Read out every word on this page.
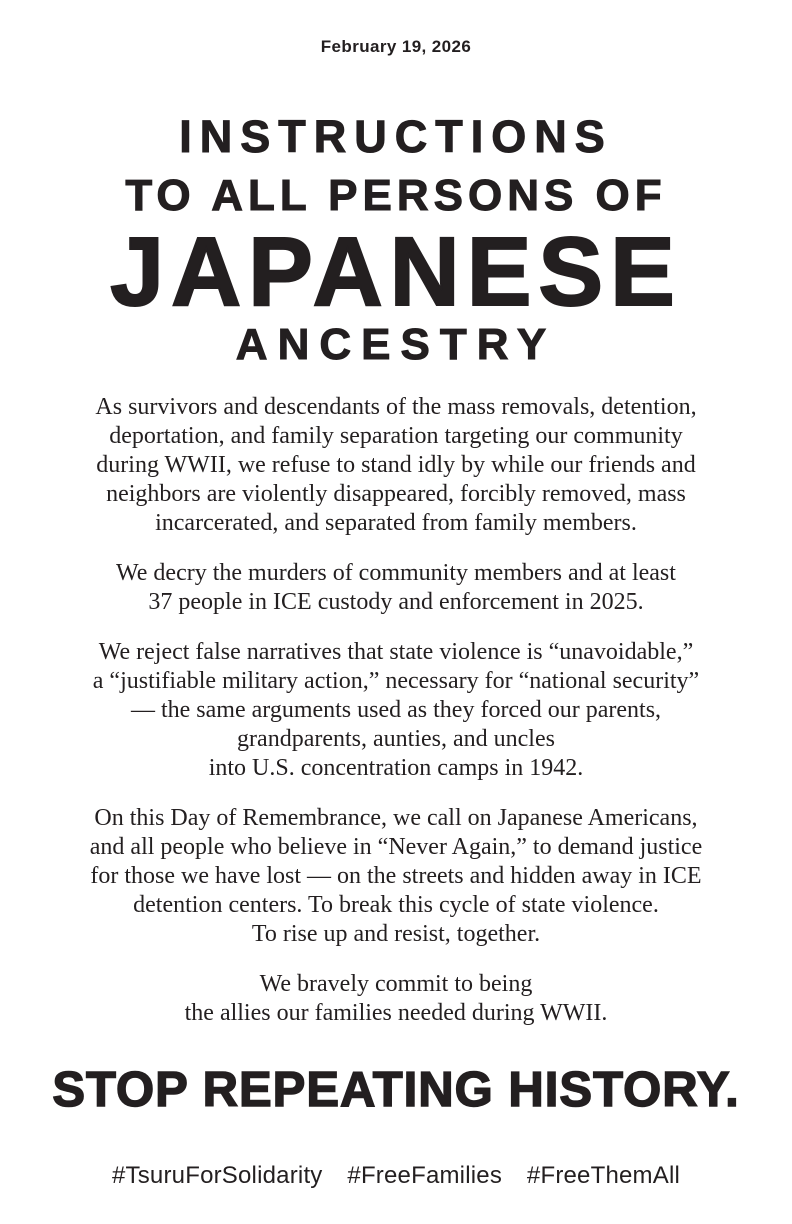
February 19, 2026
INSTRUCTIONS
TO ALL PERSONS OF
JAPANESE
ANCESTRY

As survivors and descendants of the mass removals, detention,
deportation, and family separation targeting our community
during WWII, we refuse to stand idly by while our friends and
neighbors are violently disappeared, forcibly removed, mass
incarcerated, and separated from family members.

We decry the murders of community members and at least
37 people in ICE custody and enforcement in 2025.

We reject false narratives that state violence is “unavoidable,”
a “justifiable military action,” necessary for “national security”
— the same arguments used as they forced our parents,
grandparents, aunties, and uncles
into U.S. concentration camps in 1942.

On this Day of Remembrance, we call on Japanese Americans,
and all people who believe in “Never Again,” to demand justice
for those we have lost — on the streets and hidden away in ICE
detention centers. To break this cycle of state violence.
To rise up and resist, together.

We bravely commit to being
the allies our families needed during WWII.

STOP REPEATING HISTORY.
#TsuruForSolidarity #FreeFamilies #FreeThemAll
